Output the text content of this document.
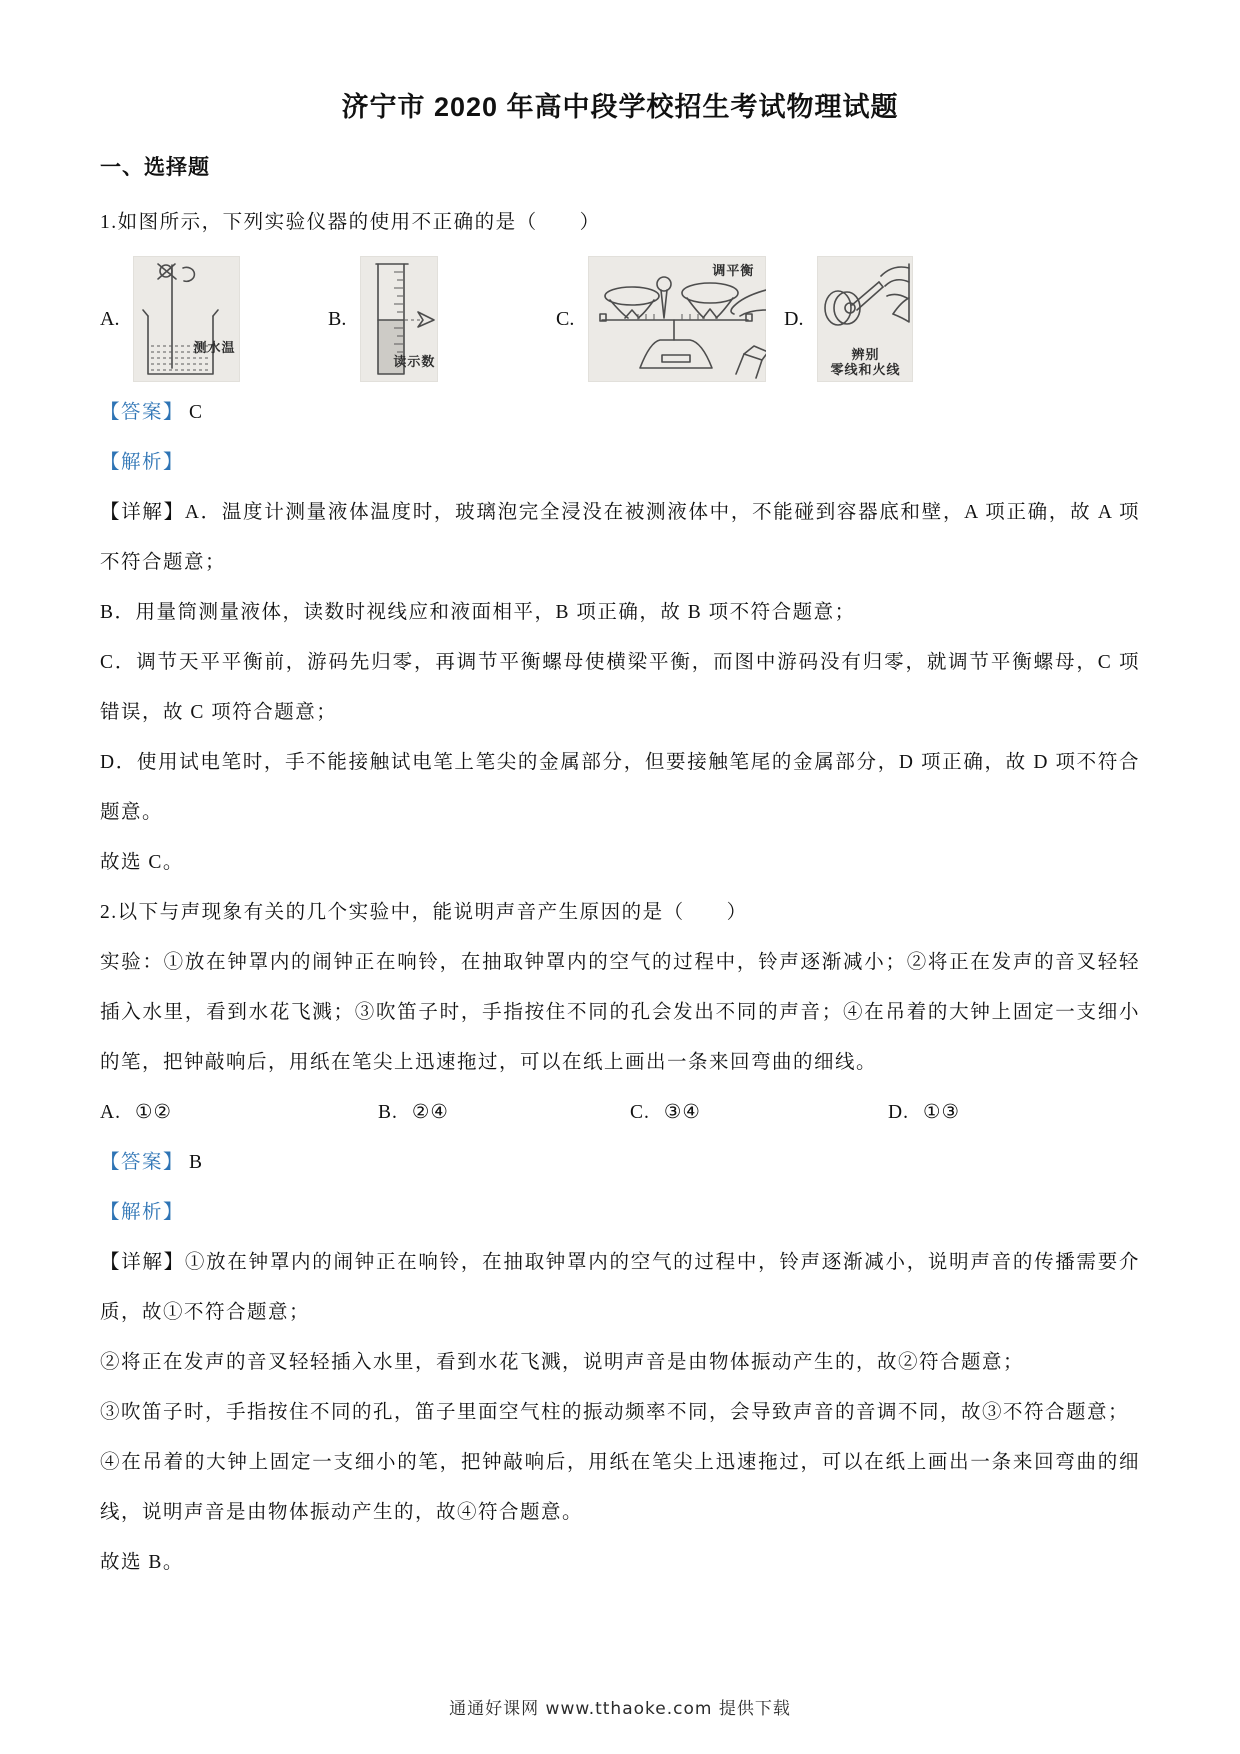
济宁市 2020 年高中段学校招生考试物理试题
一、选择题
1.如图所示，下列实验仪器的使用不正确的是（　　）
A.
测水温
B.
读示数
C.
调平衡
D.
辨别
零线和火线
【答案】 C
【解析】
【详解】A．温度计测量液体温度时，玻璃泡完全浸没在被测液体中，不能碰到容器底和壁，A 项正确，故 A 项不符合题意；
B．用量筒测量液体，读数时视线应和液面相平，B 项正确，故 B 项不符合题意；
C．调节天平平衡前，游码先归零，再调节平衡螺母使横梁平衡，而图中游码没有归零，就调节平衡螺母，C 项错误，故 C 项符合题意；
D．使用试电笔时，手不能接触试电笔上笔尖的金属部分，但要接触笔尾的金属部分，D 项正确，故 D 项不符合题意。
故选 C。
2.以下与声现象有关的几个实验中，能说明声音产生原因的是（　　）
实验：①放在钟罩内的闹钟正在响铃，在抽取钟罩内的空气的过程中，铃声逐渐减小；②将正在发声的音叉轻轻插入水里，看到水花飞溅；③吹笛子时，手指按住不同的孔会发出不同的声音；④在吊着的大钟上固定一支细小的笔，把钟敲响后，用纸在笔尖上迅速拖过，可以在纸上画出一条来回弯曲的细线。
A. ①②	B. ②④	C. ③④	D. ①③
【答案】 B
【解析】
【详解】①放在钟罩内的闹钟正在响铃，在抽取钟罩内的空气的过程中，铃声逐渐减小，说明声音的传播需要介质，故①不符合题意；
②将正在发声的音叉轻轻插入水里，看到水花飞溅，说明声音是由物体振动产生的，故②符合题意；
③吹笛子时，手指按住不同的孔，笛子里面空气柱的振动频率不同，会导致声音的音调不同，故③不符合题意；
④在吊着的大钟上固定一支细小的笔，把钟敲响后，用纸在笔尖上迅速拖过，可以在纸上画出一条来回弯曲的细线，说明声音是由物体振动产生的，故④符合题意。
故选 B。
通通好课网 www.tthaoke.com 提供下载
